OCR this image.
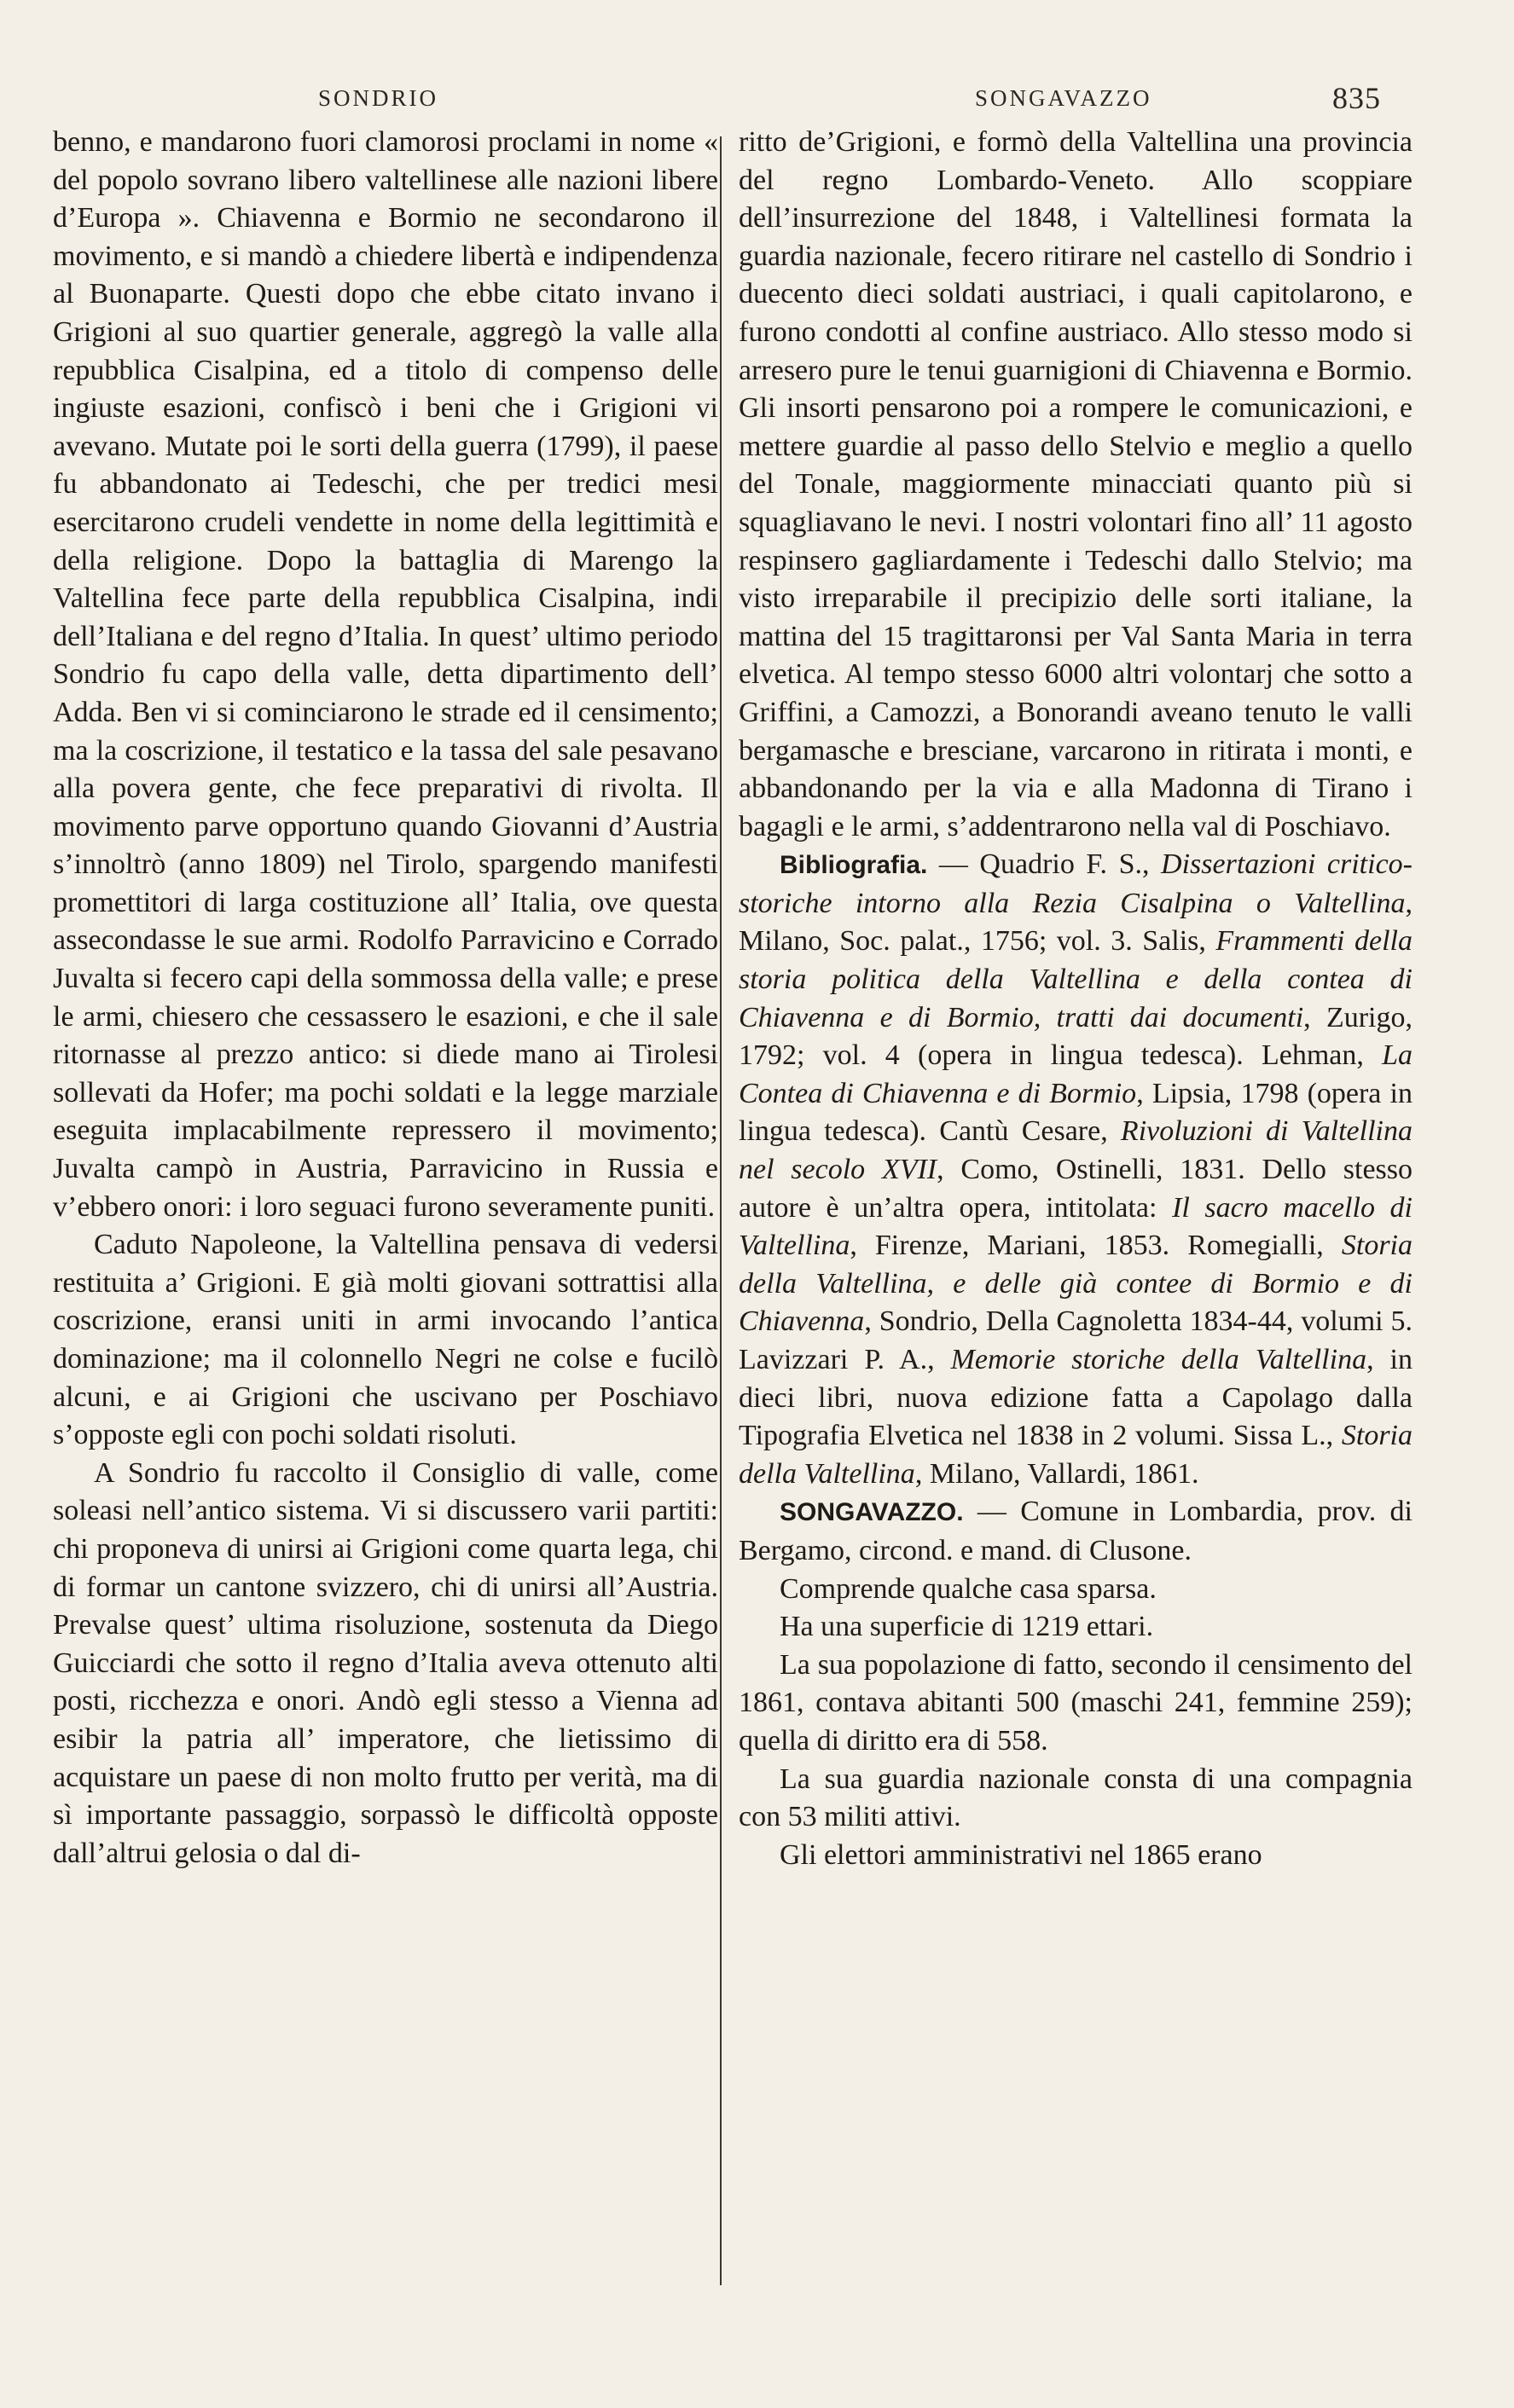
SONDRIO	SONGAVAZZO	835

benno, e mandarono fuori clamorosi proclami in nome « del popolo sovrano libero valtellinese alle nazioni libere d’Europa ». Chiavenna e Bormio ne secondarono il movimento, e si mandò a chiedere libertà e indipendenza al Buonaparte. Questi dopo che ebbe citato invano i Grigioni al suo quartier generale, aggregò la valle alla repubblica Cisalpina, ed a titolo di compenso delle ingiuste esazioni, confiscò i beni che i Grigioni vi avevano. Mutate poi le sorti della guerra (1799), il paese fu abbandonato ai Tedeschi, che per tredici mesi esercitarono crudeli vendette in nome della legittimità e della religione. Dopo la battaglia di Marengo la Valtellina fece parte della repubblica Cisalpina, indi dell’Italiana e del regno d’Italia. In quest’ ultimo periodo Sondrio fu capo della valle, detta dipartimento dell’ Adda. Ben vi si cominciarono le strade ed il censimento; ma la coscrizione, il testatico e la tassa del sale pesavano alla povera gente, che fece preparativi di rivolta. Il movimento parve opportuno quando Giovanni d’Austria s’innoltrò (anno 1809) nel Tirolo, spargendo manifesti promettitori di larga costituzione all’ Italia, ove questa assecondasse le sue armi. Rodolfo Parravicino e Corrado Juvalta si fecero capi della sommossa della valle; e prese le armi, chiesero che cessassero le esazioni, e che il sale ritornasse al prezzo antico: si diede mano ai Tirolesi sollevati da Hofer; ma pochi soldati e la legge marziale eseguita implacabilmente repressero il movimento; Juvalta campò in Austria, Parravicino in Russia e v’ebbero onori: i loro seguaci furono severamente puniti.

Caduto Napoleone, la Valtellina pensava di vedersi restituita a’ Grigioni. E già molti giovani sottrattisi alla coscrizione, eransi uniti in armi invocando l’antica dominazione; ma il colonnello Negri ne colse e fucilò alcuni, e ai Grigioni che uscivano per Poschiavo s’opposte egli con pochi soldati risoluti.

A Sondrio fu raccolto il Consiglio di valle, come soleasi nell’antico sistema. Vi si discussero varii partiti: chi proponeva di unirsi ai Grigioni come quarta lega, chi di formar un cantone svizzero, chi di unirsi all’Austria. Prevalse quest’ ultima risoluzione, sostenuta da Diego Guicciardi che sotto il regno d’Italia aveva ottenuto alti posti, ricchezza e onori. Andò egli stesso a Vienna ad esibir la patria all’ imperatore, che lietissimo di acquistare un paese di non molto frutto per verità, ma di sì importante passaggio, sorpassò le difficoltà opposte dall’altrui gelosia o dal di-

ritto de’Grigioni, e formò della Valtellina una provincia del regno Lombardo-Veneto. Allo scoppiare dell’insurrezione del 1848, i Valtellinesi formata la guardia nazionale, fecero ritirare nel castello di Sondrio i duecento dieci soldati austriaci, i quali capitolarono, e furono condotti al confine austriaco. Allo stesso modo si arresero pure le tenui guarnigioni di Chiavenna e Bormio. Gli insorti pensarono poi a rompere le comunicazioni, e mettere guardie al passo dello Stelvio e meglio a quello del Tonale, maggiormente minacciati quanto più si squagliavano le nevi. I nostri volontari fino all’ 11 agosto respinsero gagliardamente i Tedeschi dallo Stelvio; ma visto irreparabile il precipizio delle sorti italiane, la mattina del 15 tragittaronsi per Val Santa Maria in terra elvetica. Al tempo stesso 6000 altri volontarj che sotto a Griffini, a Camozzi, a Bonorandi aveano tenuto le valli bergamasche e bresciane, varcarono in ritirata i monti, e abbandonando per la via e alla Madonna di Tirano i bagagli e le armi, s’addentrarono nella val di Poschiavo.

Bibliografia. — Quadrio F. S., Dissertazioni critico-storiche intorno alla Rezia Cisalpina o Valtellina, Milano, Soc. palat., 1756; vol. 3. Salis, Frammenti della storia politica della Valtellina e della contea di Chiavenna e di Bormio, tratti dai documenti, Zurigo, 1792; vol. 4 (opera in lingua tedesca). Lehman, La Contea di Chiavenna e di Bormio, Lipsia, 1798 (opera in lingua tedesca). Cantù Cesare, Rivoluzioni di Valtellina nel secolo XVII, Como, Ostinelli, 1831. Dello stesso autore è un’altra opera, intitolata: Il sacro macello di Valtellina, Firenze, Mariani, 1853. Romegialli, Storia della Valtellina, e delle già contee di Bormio e di Chiavenna, Sondrio, Della Cagnoletta 1834-44, volumi 5. Lavizzari P. A., Memorie storiche della Valtellina, in dieci libri, nuova edizione fatta a Capolago dalla Tipografia Elvetica nel 1838 in 2 volumi. Sissa L., Storia della Valtellina, Milano, Vallardi, 1861.

SONGAVAZZO. — Comune in Lombardia, prov. di Bergamo, circond. e mand. di Clusone.

Comprende qualche casa sparsa.

Ha una superficie di 1219 ettari.

La sua popolazione di fatto, secondo il censimento del 1861, contava abitanti 500 (maschi 241, femmine 259); quella di diritto era di 558.

La sua guardia nazionale consta di una compagnia con 53 militi attivi.

Gli elettori amministrativi nel 1865 erano
